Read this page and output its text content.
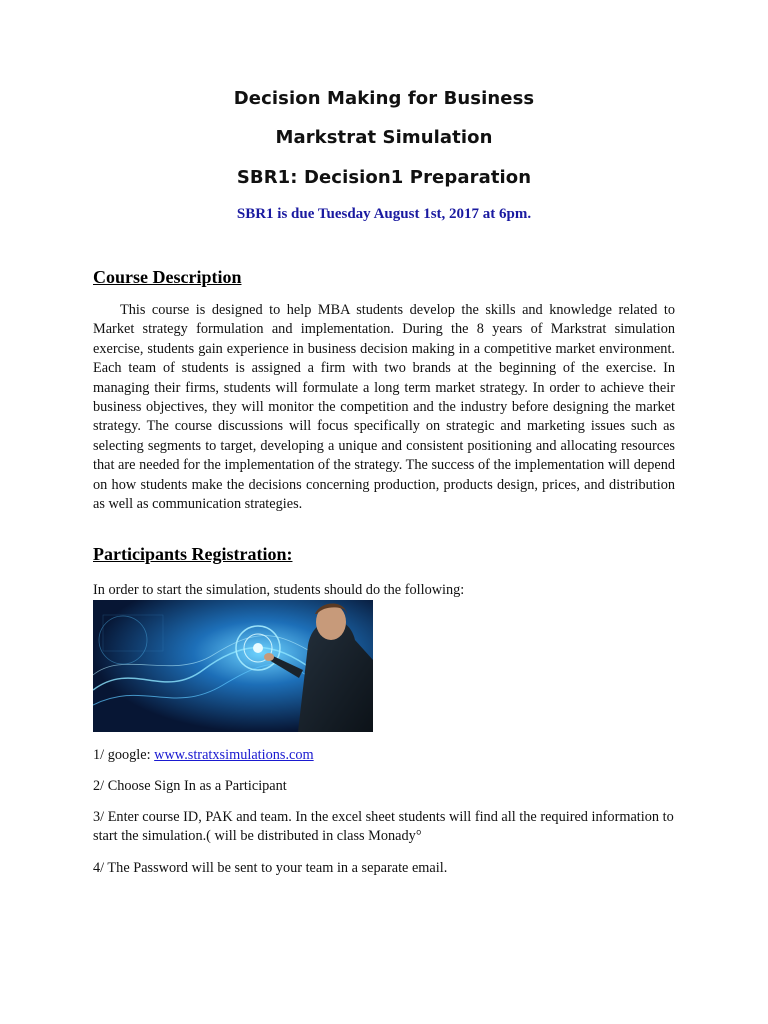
Decision Making for Business
Markstrat Simulation
SBR1: Decision1 Preparation
SBR1 is due Tuesday August 1st, 2017 at 6pm.
Course Description

This course is designed to help MBA students develop the skills and knowledge related to Market strategy formulation and implementation. During the 8 years of Markstrat simulation exercise, students gain experience in business decision making in a competitive market environment. Each team of students is assigned a firm with two brands at the beginning of the exercise. In managing their firms, students will formulate a long term market strategy. In order to achieve their business objectives, they will monitor the competition and the industry before designing the market strategy. The course discussions will focus specifically on strategic and marketing issues such as selecting segments to target, developing a unique and consistent positioning and allocating resources that are needed for the implementation of the strategy. The success of the implementation will depend on how students make the decisions concerning production, products design, prices, and distribution as well as communication strategies.

Participants Registration:

In order to start the simulation, students should do the following:

1/ google: www.stratxsimulations.com

2/ Choose Sign In as a Participant

3/ Enter course ID, PAK and team. In the excel sheet students will find all the required information to start the simulation.( will be distributed in class Monady°

4/ The Password will be sent to your team in a separate email.
